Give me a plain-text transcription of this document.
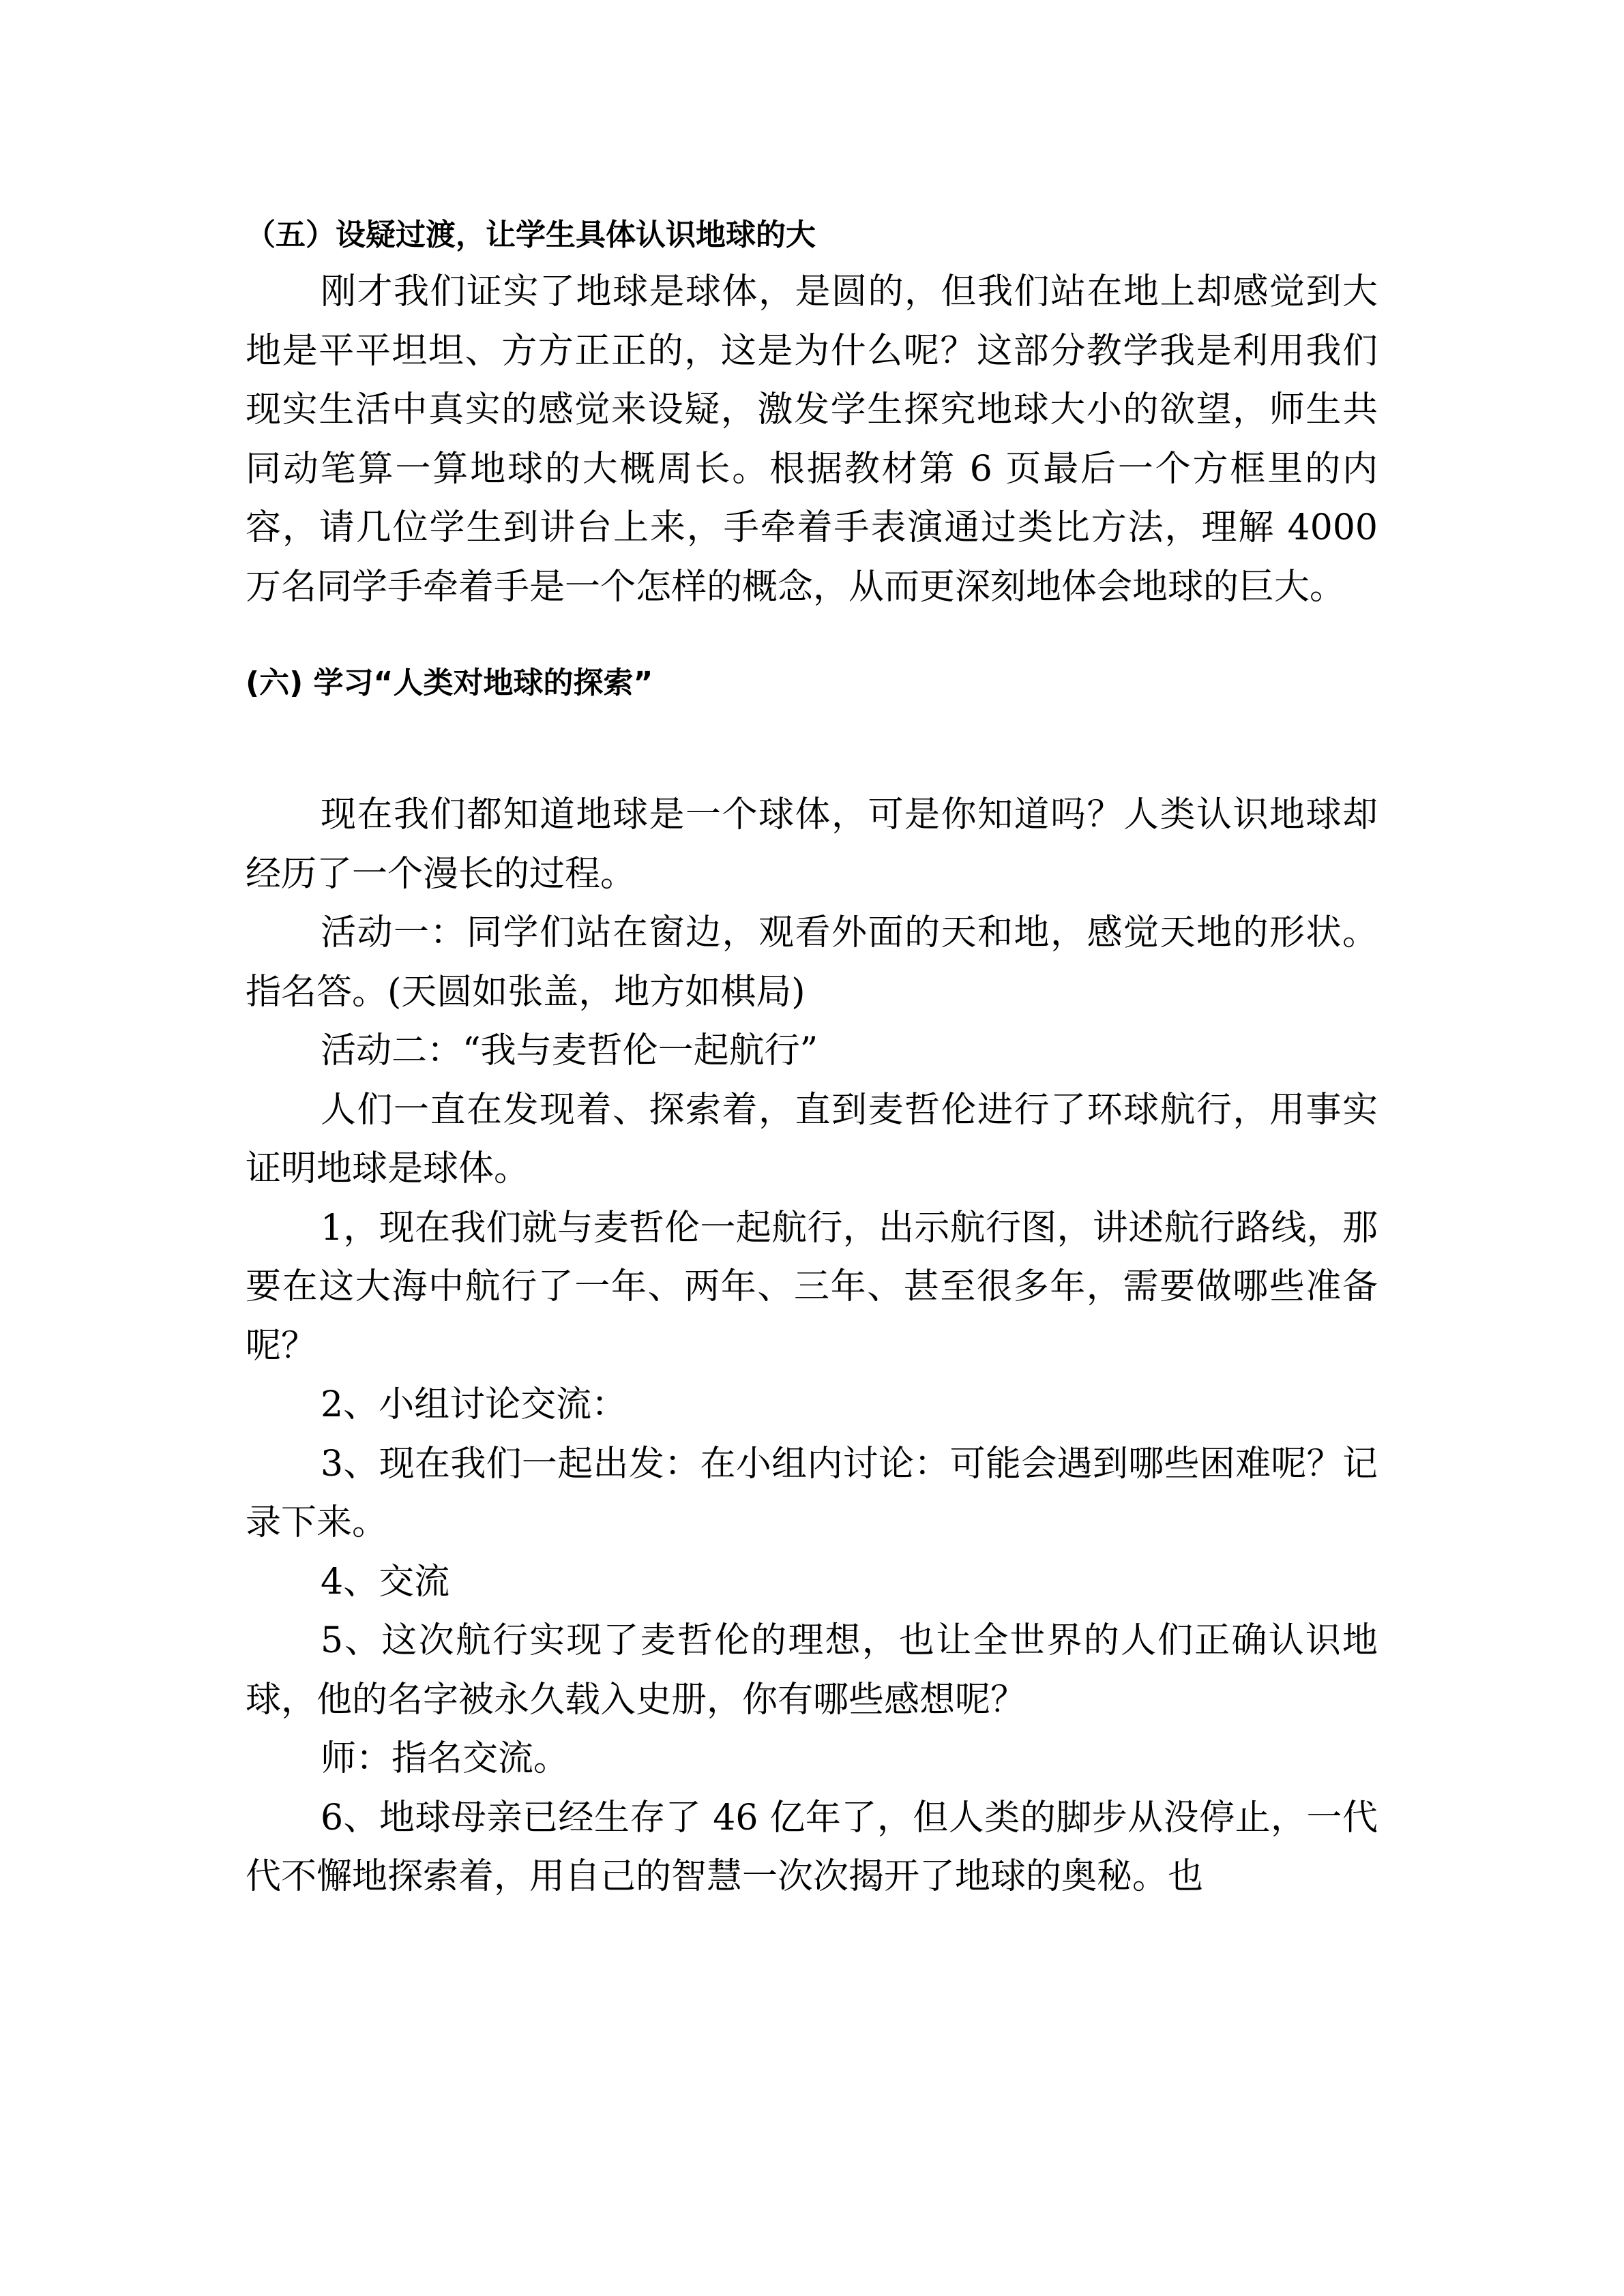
（五）设疑过渡，让学生具体认识地球的大
刚才我们证实了地球是球体，是圆的，但我们站在地上却感觉到大地是平平坦坦、方方正正的，这是为什么呢？这部分教学我是利用我们现实生活中真实的感觉来设疑，激发学生探究地球大小的欲望，师生共同动笔算一算地球的大概周长。根据教材第 6 页最后一个方框里的内容，请几位学生到讲台上来，手牵着手表演通过类比方法，理解 4000 万名同学手牵着手是一个怎样的概念，从而更深刻地体会地球的巨大。
(六) 学习“人类对地球的探索”
现在我们都知道地球是一个球体，可是你知道吗？人类认识地球却经历了一个漫长的过程。
活动一：同学们站在窗边，观看外面的天和地，感觉天地的形状。指名答。(天圆如张盖，地方如棋局)
活动二：“我与麦哲伦一起航行”
人们一直在发现着、探索着，直到麦哲伦进行了环球航行，用事实证明地球是球体。
1，现在我们就与麦哲伦一起航行，出示航行图，讲述航行路线，那要在这大海中航行了一年、两年、三年、甚至很多年，需要做哪些准备呢？
2、小组讨论交流：
3、现在我们一起出发：在小组内讨论：可能会遇到哪些困难呢？记录下来。
4、交流
5、这次航行实现了麦哲伦的理想，也让全世界的人们正确认识地球，他的名字被永久载入史册，你有哪些感想呢？
师：指名交流。
6、地球母亲已经生存了 46 亿年了，但人类的脚步从没停止，一代代不懈地探索着，用自己的智慧一次次揭开了地球的奥秘。也
